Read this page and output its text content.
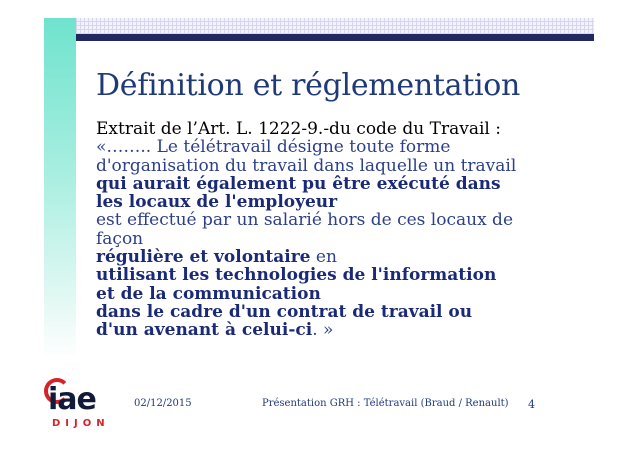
Définition et réglementation
Extrait de l’Art. L. 1222-9.-du code du Travail :
«…….. Le télétravail désigne toute forme
d'organisation du travail dans laquelle un travail
qui aurait également pu être exécuté dans
les locaux de l'employeur
est effectué par un salarié hors de ces locaux de
façon
régulière et volontaire en
utilisant les technologies de l'information
et de la communication
dans le cadre d'un contrat de travail ou
d'un avenant à celui-ci. »
iae
DIJON
02/12/2015	Présentation GRH : Télétravail (Braud / Renault) 4
